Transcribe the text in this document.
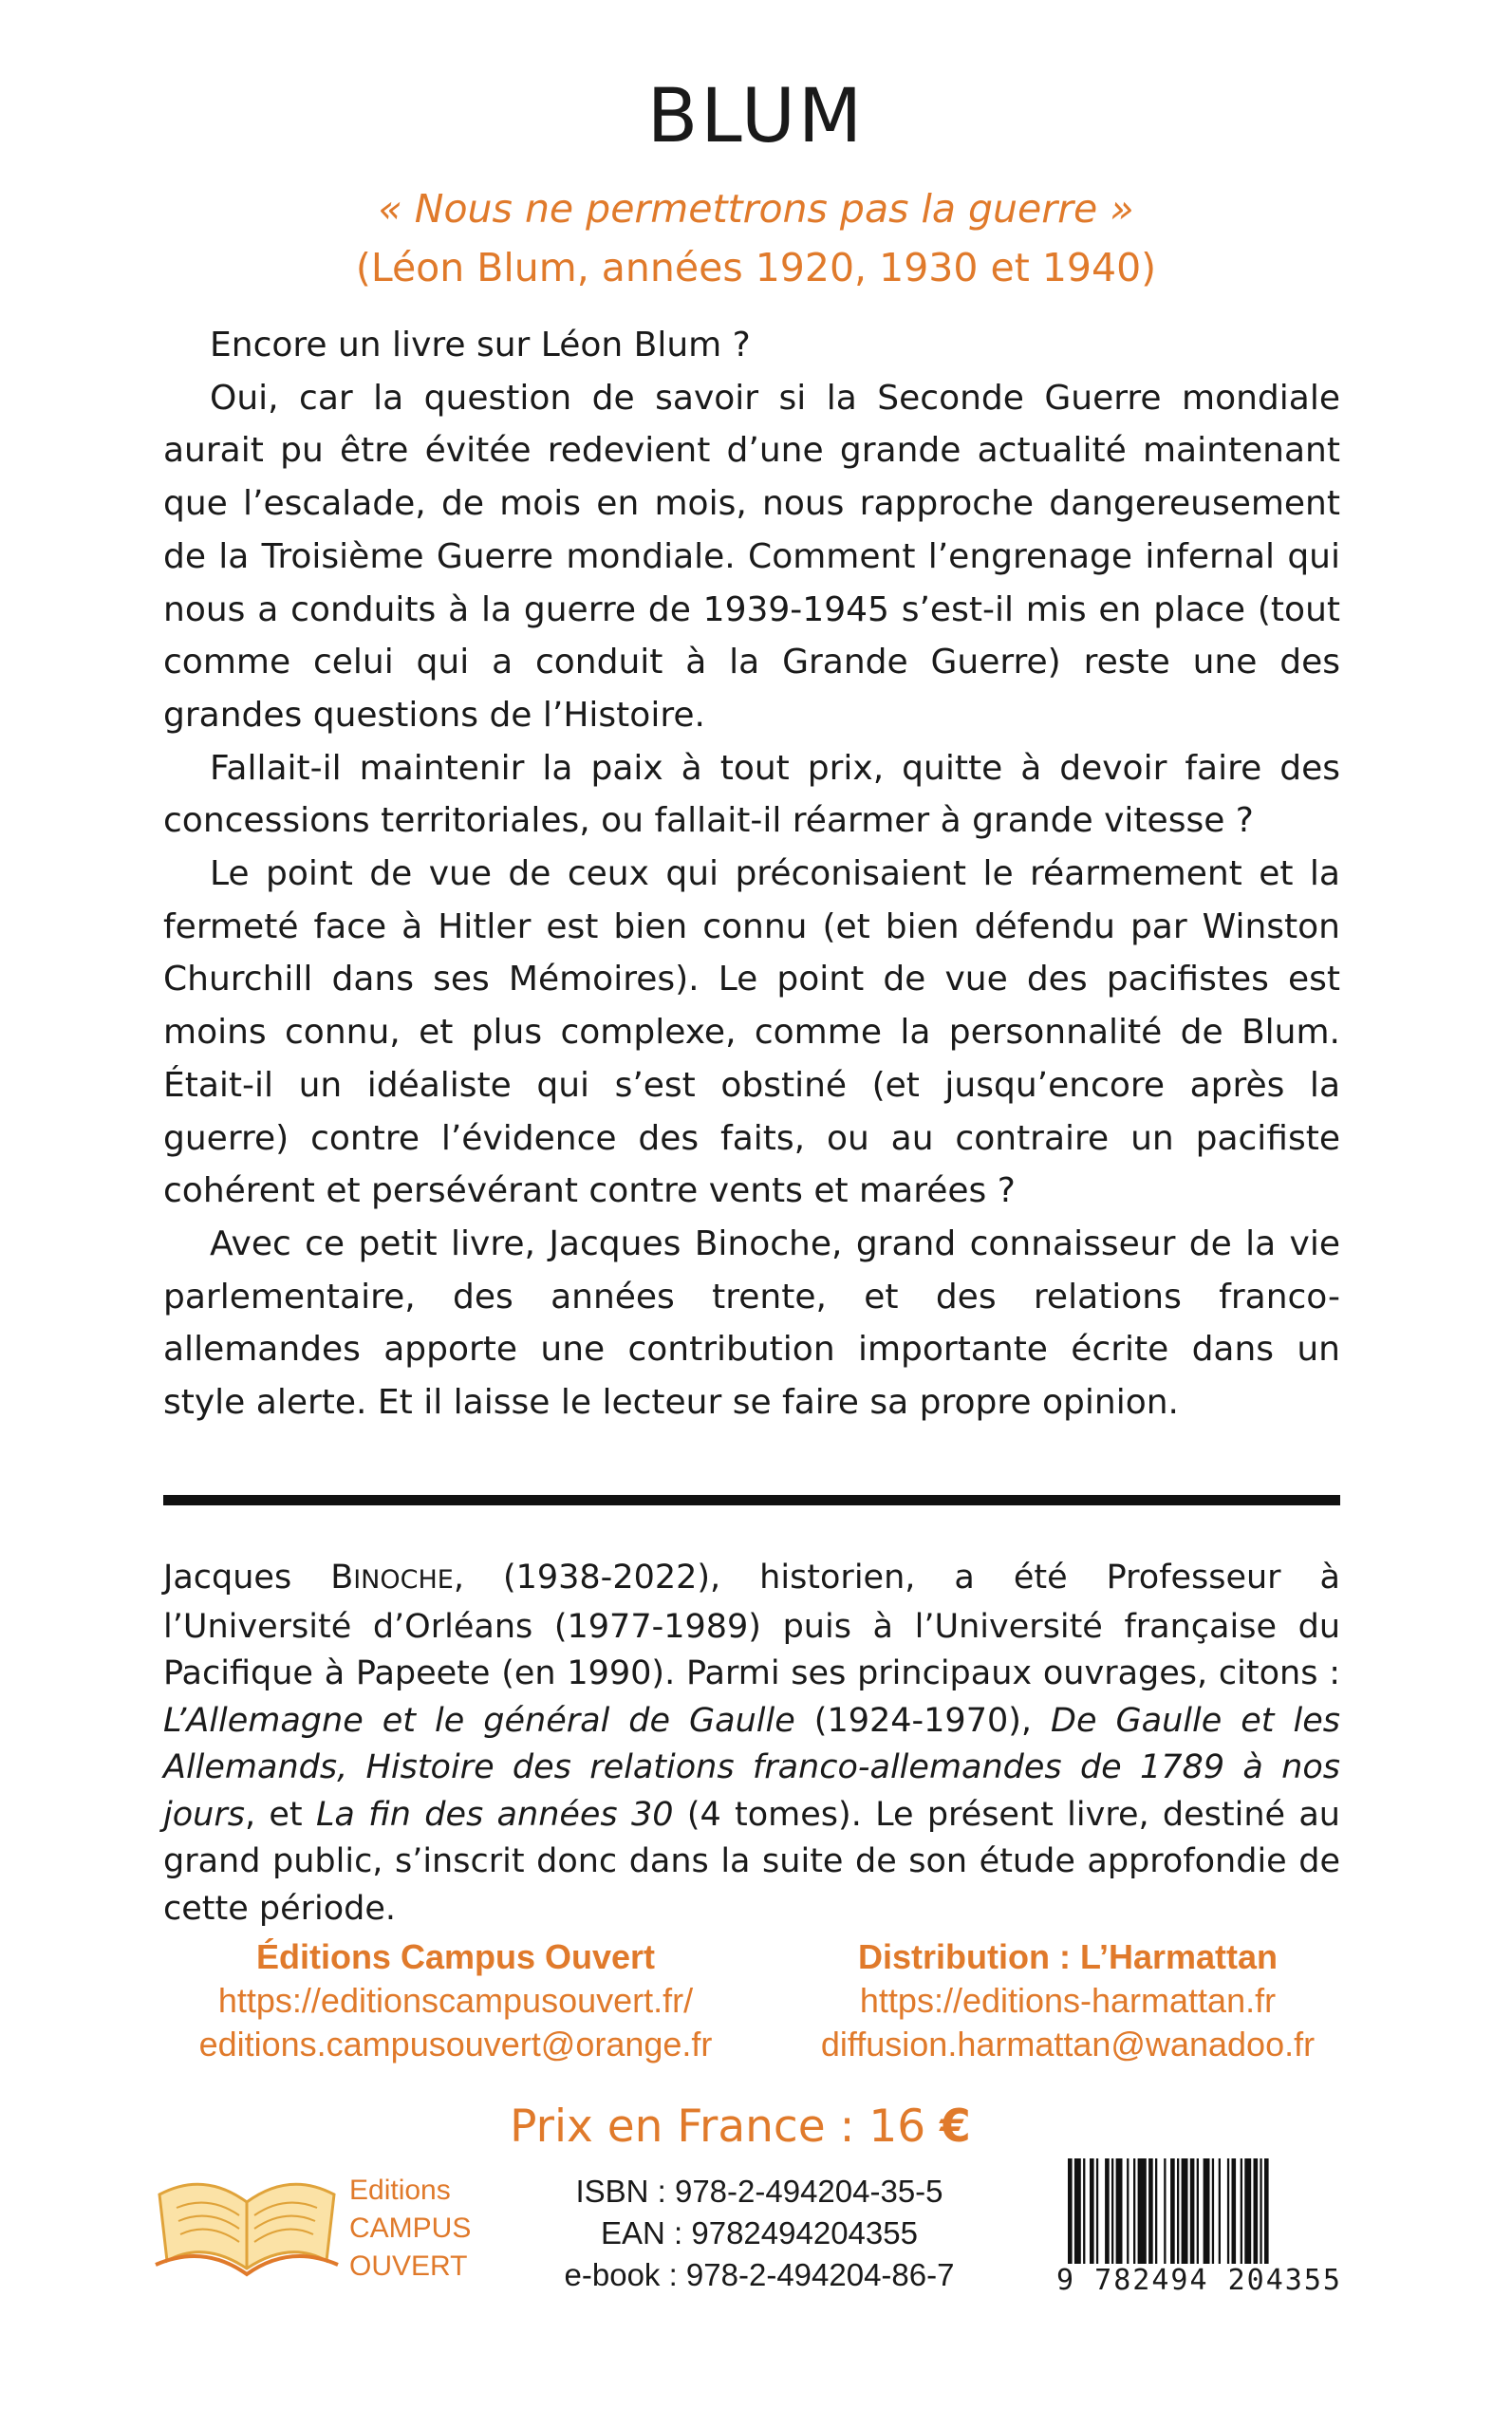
BLUM
« Nous ne permettrons pas la guerre »
(Léon Blum, années 1920, 1930 et 1940)

Encore un livre sur Léon Blum ?

Oui, car la question de savoir si la Seconde Guerre mondiale aurait pu être évitée redevient d’une grande actualité maintenant que l’escalade, de mois en mois, nous rapproche dangereusement de la Troisième Guerre mondiale. Comment l’engrenage infernal qui nous a conduits à la guerre de 1939-1945 s’est-il mis en place (tout comme celui qui a conduit à la Grande Guerre) reste une des grandes questions de l’Histoire.

Fallait-il maintenir la paix à tout prix, quitte à devoir faire des concessions territoriales, ou fallait-il réarmer à grande vitesse ?

Le point de vue de ceux qui préconisaient le réarmement et la fermeté face à Hitler est bien connu (et bien défendu par Winston Churchill dans ses Mémoires). Le point de vue des pacifistes est moins connu, et plus complexe, comme la personnalité de Blum. Était-il un idéaliste qui s’est obstiné (et jusqu’encore après la guerre) contre l’évidence des faits, ou au contraire un pacifiste cohérent et persévérant contre vents et marées ?

Avec ce petit livre, Jacques Binoche, grand connaisseur de la vie parlementaire, des années trente, et des relations franco-allemandes apporte une contribution importante écrite dans un style alerte. Et il laisse le lecteur se faire sa propre opinion.

Jacques BINOCHE, (1938-2022), historien, a été Professeur à l’Université d’Orléans (1977-1989) puis à l’Université française du Pacifique à Papeete (en 1990). Parmi ses principaux ouvrages, citons : L’Allemagne et le général de Gaulle (1924-1970), De Gaulle et les Allemands, Histoire des relations franco-allemandes de 1789 à nos jours, et La fin des années 30 (4 tomes). Le présent livre, destiné au grand public, s’inscrit donc dans la suite de son étude approfondie de cette période.
Éditions Campus Ouvert
https://editionscampusouvert.fr/
editions.campusouvert@orange.fr
Distribution : L’Harmattan
https://editions-harmattan.fr
diffusion.harmattan@wanadoo.fr
Prix en France : 16 €
Editions
CAMPUS
OUVERT
ISBN : 978-2-494204-35-5
EAN : 9782494204355
e-book : 978-2-494204-86-7	9 782494 204355
